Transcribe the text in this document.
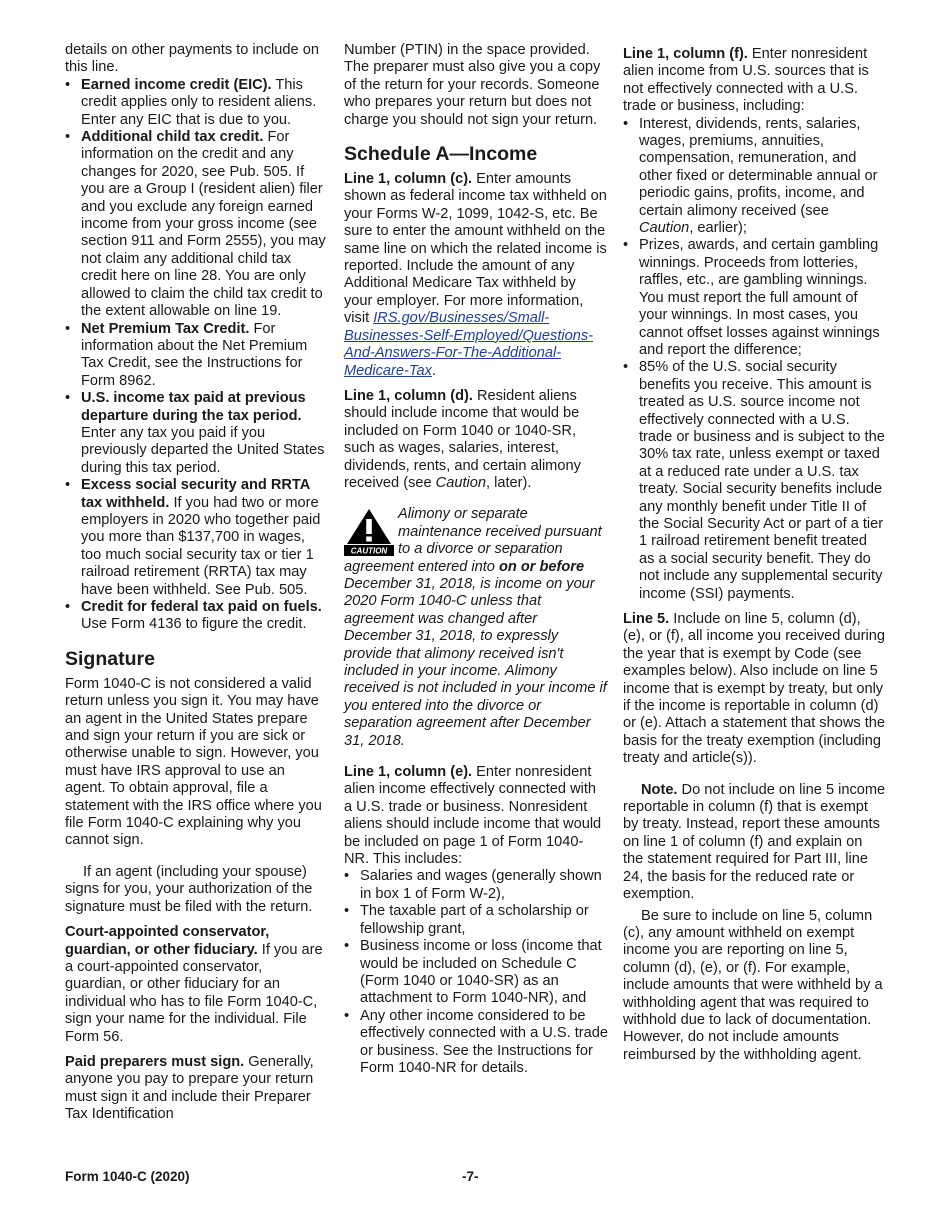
details on other payments to include on this line.

• Earned income credit (EIC). This credit applies only to resident aliens. Enter any EIC that is due to you.

• Additional child tax credit. For information on the credit and any changes for 2020, see Pub. 505. If you are a Group I (resident alien) filer and you exclude any foreign earned income from your gross income (see section 911 and Form 2555), you may not claim any additional child tax credit here on line 28. You are only allowed to claim the child tax credit to the extent allowable on line 19.

• Net Premium Tax Credit. For information about the Net Premium Tax Credit, see the Instructions for Form 8962.

• U.S. income tax paid at previous departure during the tax period. Enter any tax you paid if you previously departed the United States during this tax period.

• Excess social security and RRTA tax withheld. If you had two or more employers in 2020 who together paid you more than $137,700 in wages, too much social security tax or tier 1 railroad retirement (RRTA) tax may have been withheld. See Pub. 505.

• Credit for federal tax paid on fuels. Use Form 4136 to figure the credit.

Signature

Form 1040-C is not considered a valid return unless you sign it. You may have an agent in the United States prepare and sign your return if you are sick or otherwise unable to sign. However, you must have IRS approval to use an agent. To obtain approval, file a statement with the IRS office where you file Form 1040-C explaining why you cannot sign.

If an agent (including your spouse) signs for you, your authorization of the signature must be filed with the return.

Court-appointed conservator, guardian, or other fiduciary. If you are a court-appointed conservator, guardian, or other fiduciary for an individual who has to file Form 1040-C, sign your name for the individual. File Form 56.

Paid preparers must sign. Generally, anyone you pay to prepare your return must sign it and include their Preparer Tax Identification

Number (PTIN) in the space provided. The preparer must also give you a copy of the return for your records. Someone who prepares your return but does not charge you should not sign your return.

Schedule A—Income

Line 1, column (c). Enter amounts shown as federal income tax withheld on your Forms W-2, 1099, 1042-S, etc. Be sure to enter the amount withheld on the same line on which the related income is reported. Include the amount of any Additional Medicare Tax withheld by your employer. For more information, visit IRS.gov/Businesses/Small-Businesses-Self-Employed/Questions-And-Answers-For-The-Additional-Medicare-Tax.

Line 1, column (d). Resident aliens should include income that would be included on Form 1040 or 1040-SR, such as wages, salaries, interest, dividends, rents, and certain alimony received (see Caution, later).

CAUTION
Alimony or separate maintenance received pursuant to a divorce or separation agreement entered into on or before December 31, 2018, is income on your 2020 Form 1040-C unless that agreement was changed after December 31, 2018, to expressly provide that alimony received isn't included in your income. Alimony received is not included in your income if you entered into the divorce or separation agreement after December 31, 2018.

Line 1, column (e). Enter nonresident alien income effectively connected with a U.S. trade or business. Nonresident aliens should include income that would be included on page 1 of Form 1040-NR. This includes:

• Salaries and wages (generally shown in box 1 of Form W-2),

• The taxable part of a scholarship or fellowship grant,

• Business income or loss (income that would be included on Schedule C (Form 1040 or 1040-SR) as an attachment to Form 1040-NR), and

• Any other income considered to be effectively connected with a U.S. trade or business. See the Instructions for Form 1040-NR for details.

Line 1, column (f). Enter nonresident alien income from U.S. sources that is not effectively connected with a U.S. trade or business, including:

• Interest, dividends, rents, salaries, wages, premiums, annuities, compensation, remuneration, and other fixed or determinable annual or periodic gains, profits, income, and certain alimony received (see Caution, earlier);

• Prizes, awards, and certain gambling winnings. Proceeds from lotteries, raffles, etc., are gambling winnings. You must report the full amount of your winnings. In most cases, you cannot offset losses against winnings and report the difference;

• 85% of the U.S. social security benefits you receive. This amount is treated as U.S. source income not effectively connected with a U.S. trade or business and is subject to the 30% tax rate, unless exempt or taxed at a reduced rate under a U.S. tax treaty. Social security benefits include any monthly benefit under Title II of the Social Security Act or part of a tier 1 railroad retirement benefit treated as a social security benefit. They do not include any supplemental security income (SSI) payments.

Line 5. Include on line 5, column (d), (e), or (f), all income you received during the year that is exempt by Code (see examples below). Also include on line 5 income that is exempt by treaty, but only if the income is reportable in column (d) or (e). Attach a statement that shows the basis for the treaty exemption (including treaty and article(s)).

Note. Do not include on line 5 income reportable in column (f) that is exempt by treaty. Instead, report these amounts on line 1 of column (f) and explain on the statement required for Part III, line 24, the basis for the reduced rate or exemption.

Be sure to include on line 5, column (c), any amount withheld on exempt income you are reporting on line 5, column (d), (e), or (f). For example, include amounts that were withheld by a withholding agent that was required to withhold due to lack of documentation. However, do not include amounts reimbursed by the withholding agent.

Form 1040-C (2020)	-7-
